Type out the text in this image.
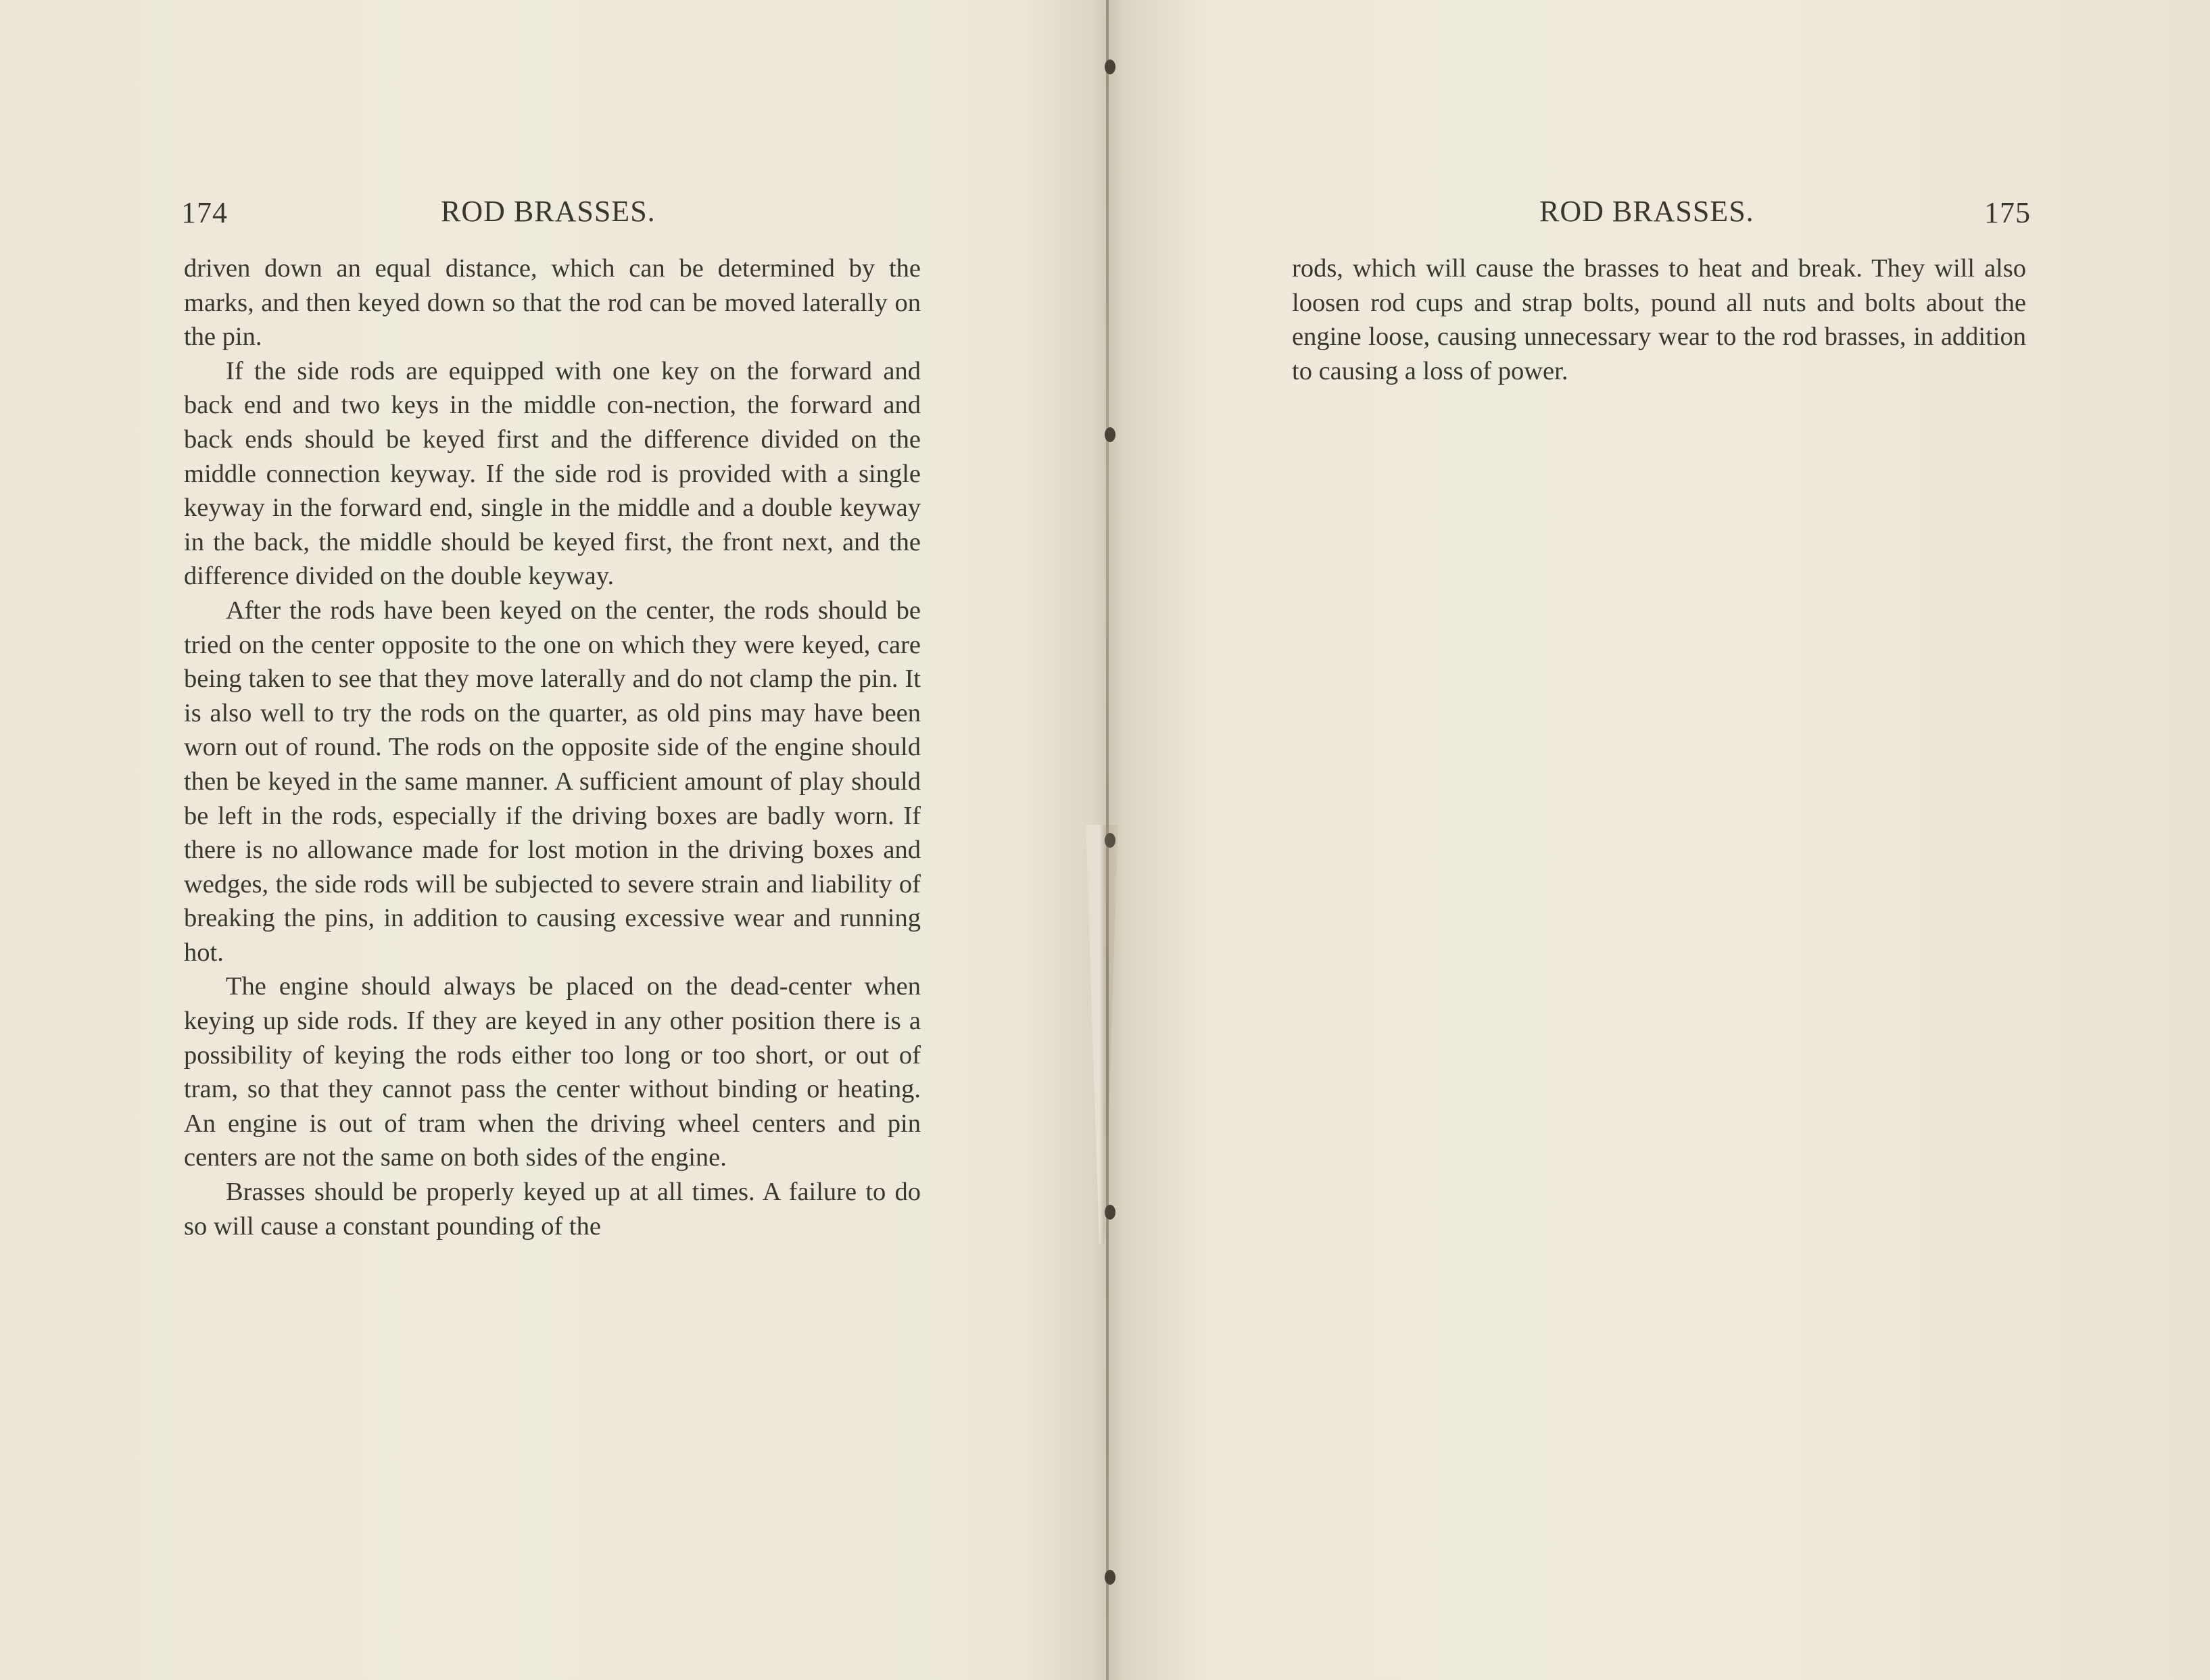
174	ROD BRASSES.

driven down an equal distance, which can be determined by the marks, and then keyed down so that the rod can be moved laterally on the pin.

If the side rods are equipped with one key on the forward and back end and two keys in the middle con-nection, the forward and back ends should be keyed first and the difference divided on the middle connection keyway. If the side rod is provided with a single keyway in the forward end, single in the middle and a double keyway in the back, the middle should be keyed first, the front next, and the difference divided on the double keyway.

After the rods have been keyed on the center, the rods should be tried on the center opposite to the one on which they were keyed, care being taken to see that they move laterally and do not clamp the pin. It is also well to try the rods on the quarter, as old pins may have been worn out of round. The rods on the opposite side of the engine should then be keyed in the same manner. A sufficient amount of play should be left in the rods, especially if the driving boxes are badly worn. If there is no allowance made for lost motion in the driving boxes and wedges, the side rods will be subjected to severe strain and liability of breaking the pins, in addition to causing excessive wear and running hot.

The engine should always be placed on the dead-center when keying up side rods. If they are keyed in any other position there is a possibility of keying the rods either too long or too short, or out of tram, so that they cannot pass the center without binding or heating. An engine is out of tram when the driving wheel centers and pin centers are not the same on both sides of the engine.

Brasses should be properly keyed up at all times. A failure to do so will cause a constant pounding of the

ROD BRASSES.	175

rods, which will cause the brasses to heat and break. They will also loosen rod cups and strap bolts, pound all nuts and bolts about the engine loose, causing unnecessary wear to the rod brasses, in addition to causing a loss of power.
